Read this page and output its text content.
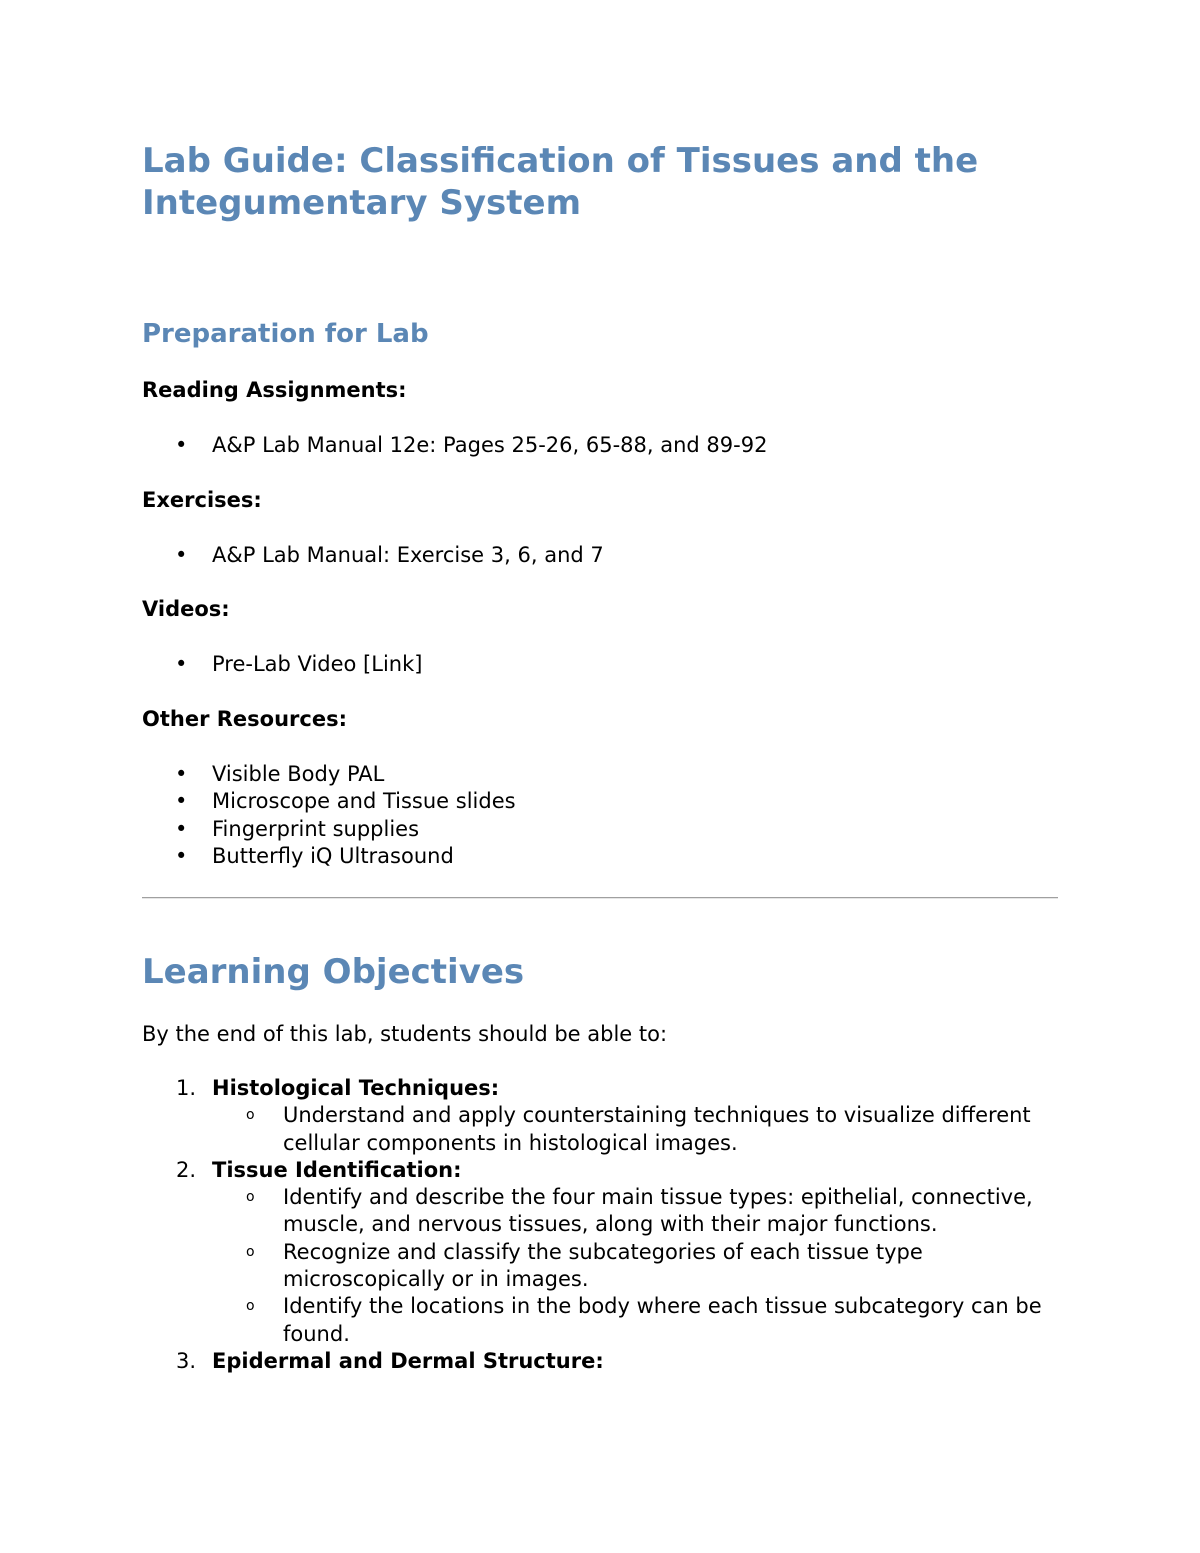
Lab Guide: Classification of Tissues and the Integumentary System
Preparation for Lab

Reading Assignments:

• A&P Lab Manual 12e: Pages 25-26, 65-88, and 89-92

Exercises:

• A&P Lab Manual: Exercise 3, 6, and 7

Videos:

• Pre-Lab Video [Link]

Other Resources:

• Visible Body PAL
• Microscope and Tissue slides
• Fingerprint supplies
• Butterfly iQ Ultrasound
Learning Objectives

By the end of this lab, students should be able to:

1. Histological Techniques:
o Understand and apply counterstaining techniques to visualize different cellular components in histological images.
2. Tissue Identification:
o Identify and describe the four main tissue types: epithelial, connective, muscle, and nervous tissues, along with their major functions.
o Recognize and classify the subcategories of each tissue type microscopically or in images.
o Identify the locations in the body where each tissue subcategory can be found.
3. Epidermal and Dermal Structure:
